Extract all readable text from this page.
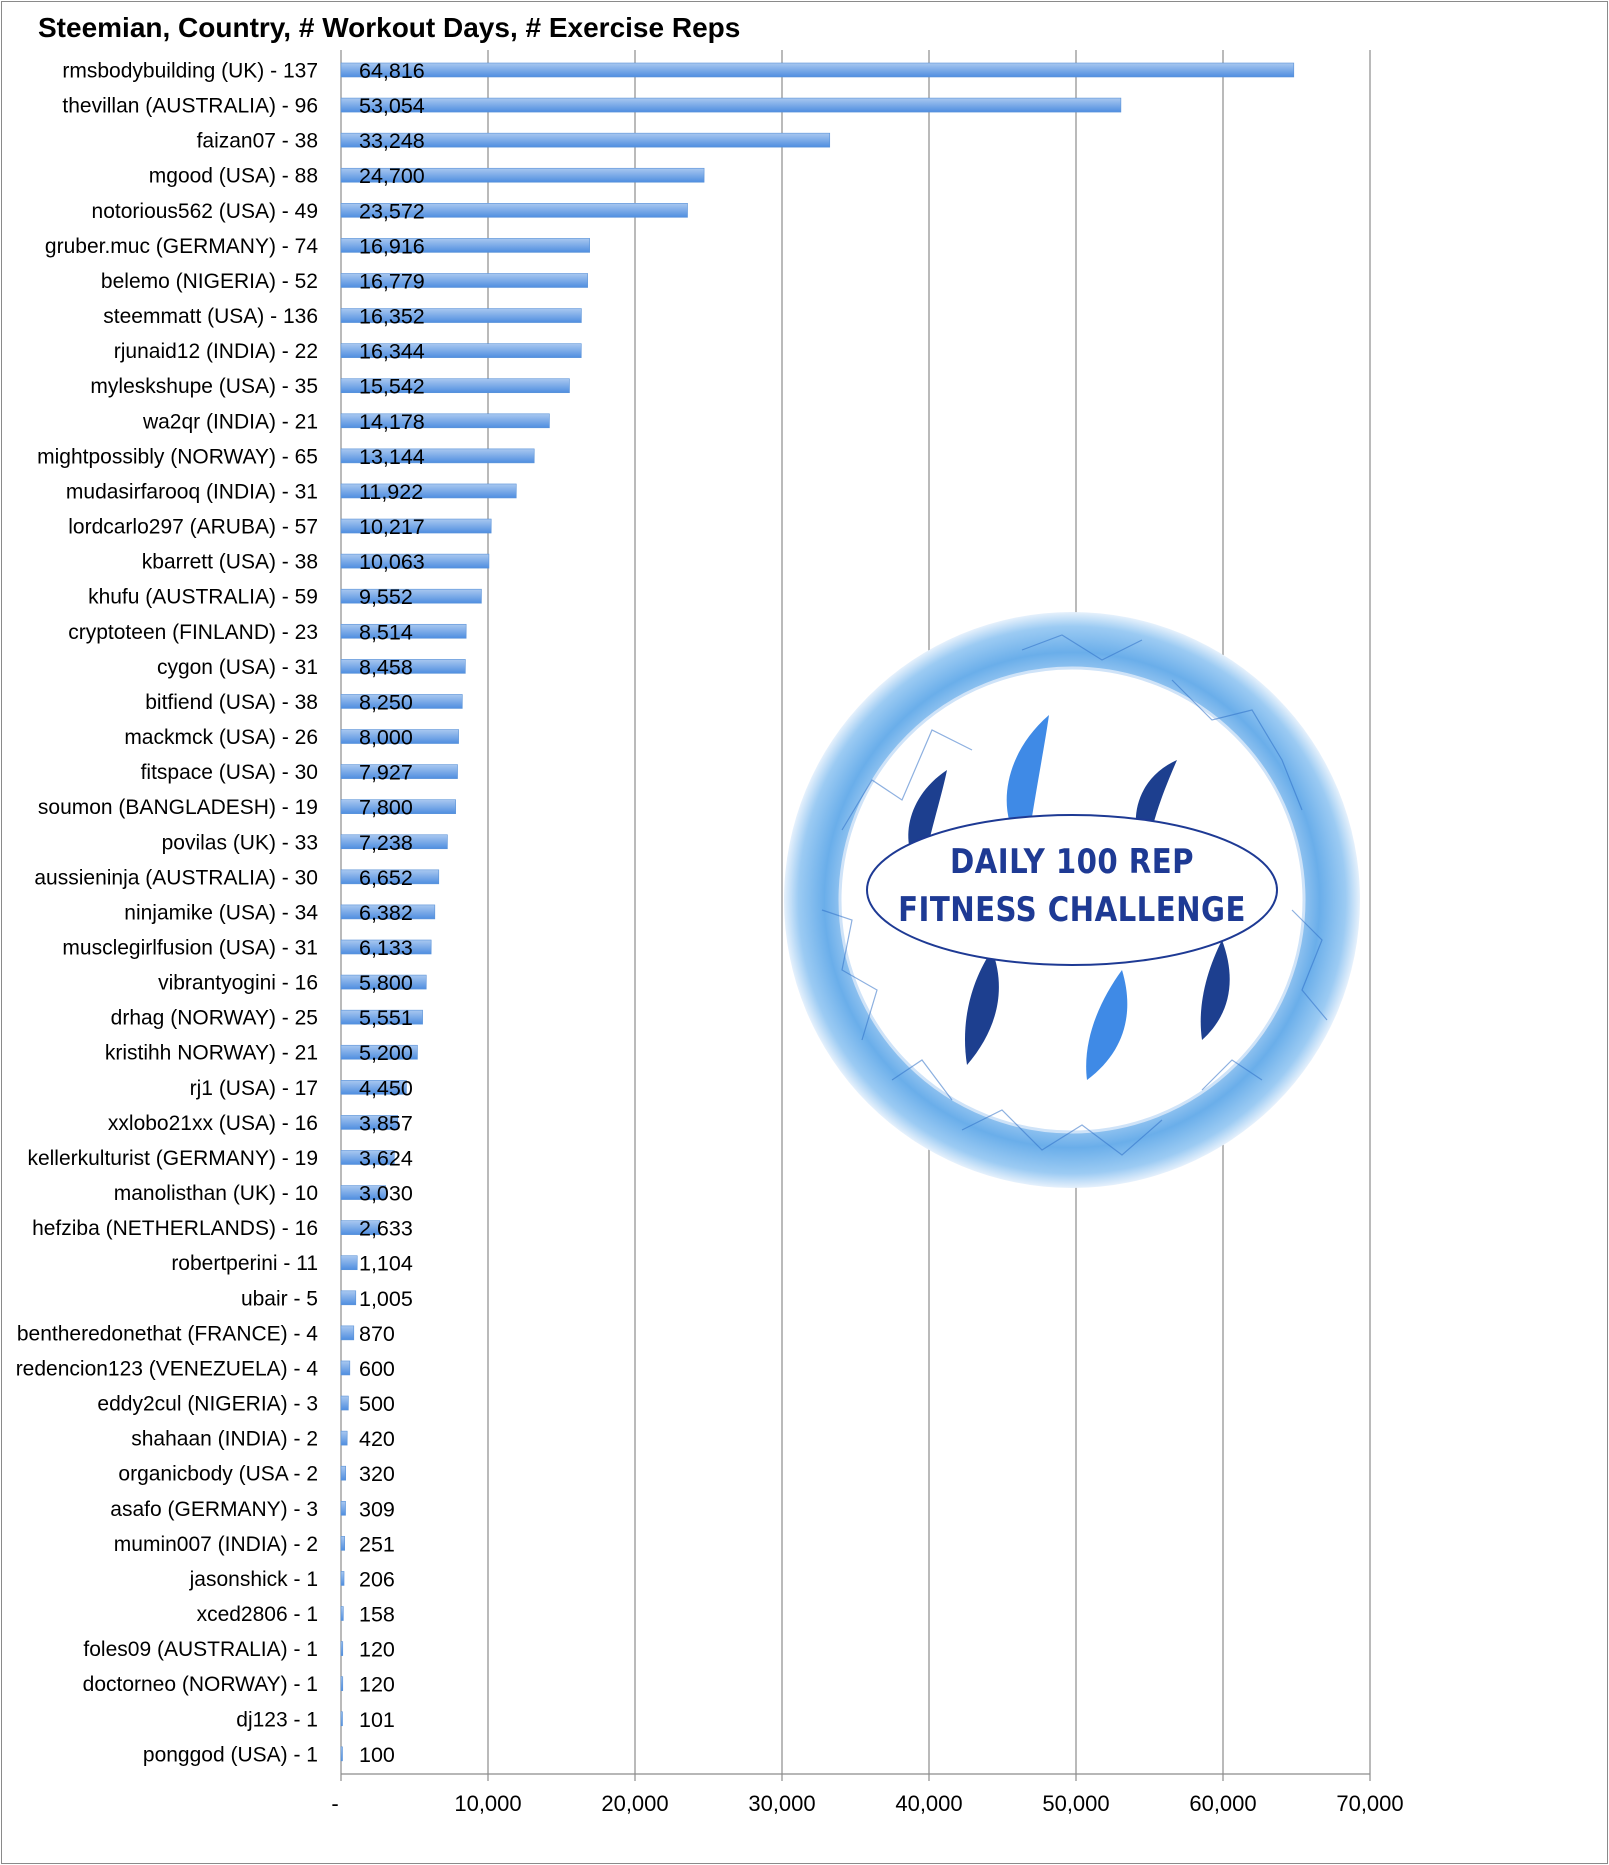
Steemian, Country, # Workout Days, # Exercise Reps
rmsbodybuilding (UK) - 137
thevillan (AUSTRALIA) - 96
faizan07 - 38
mgood (USA) - 88
notorious562 (USA) - 49
gruber.muc (GERMANY) - 74
belemo (NIGERIA) - 52
steemmatt (USA) - 136
rjunaid12 (INDIA) - 22
myleskshupe (USA) - 35
wa2qr (INDIA) - 21
mightpossibly (NORWAY) - 65
mudasirfarooq (INDIA) - 31
lordcarlo297 (ARUBA) - 57
kbarrett (USA) - 38
khufu (AUSTRALIA) - 59
cryptoteen (FINLAND) - 23
cygon (USA) - 31
bitfiend (USA) - 38
mackmck (USA) - 26
fitspace (USA) - 30
soumon (BANGLADESH) - 19
povilas (UK) - 33
aussieninja (AUSTRALIA) - 30
ninjamike (USA) - 34
musclegirlfusion (USA) - 31
vibrantyogini - 16
drhag (NORWAY) - 25
kristihh NORWAY) - 21
rj1 (USA) - 17
xxlobo21xx (USA) - 16
kellerkulturist (GERMANY) - 19
manolisthan (UK) - 10
hefziba (NETHERLANDS) - 16
robertperini - 11
ubair - 5
bentheredonethat (FRANCE) - 4
redencion123 (VENEZUELA) - 4
eddy2cul (NIGERIA) - 3
shahaan (INDIA) - 2
organicbody (USA - 2
asafo (GERMANY) - 3
mumin007 (INDIA) - 2
jasonshick - 1
xced2806 - 1
foles09 (AUSTRALIA) - 1
doctorneo (NORWAY) - 1
dj123 - 1
ponggod (USA) - 1
64,816
53,054
33,248
24,700
23,572
16,916
16,779
16,352
16,344
15,542
14,178
13,144
11,922
10,217
10,063
9,552
8,514
8,458
8,250
8,000
7,927
7,800
7,238
6,652
6,382
6,133
5,800
5,551
5,200
4,450
3,857
3,624
3,030
2,633
1,104
1,005
870
600
500
420
320
309
251
206
158
120
120
101
100
-	10,000	20,000	30,000	40,000	50,000	60,000	70,000
DAILY 100 REP
FITNESS CHALLENGE
